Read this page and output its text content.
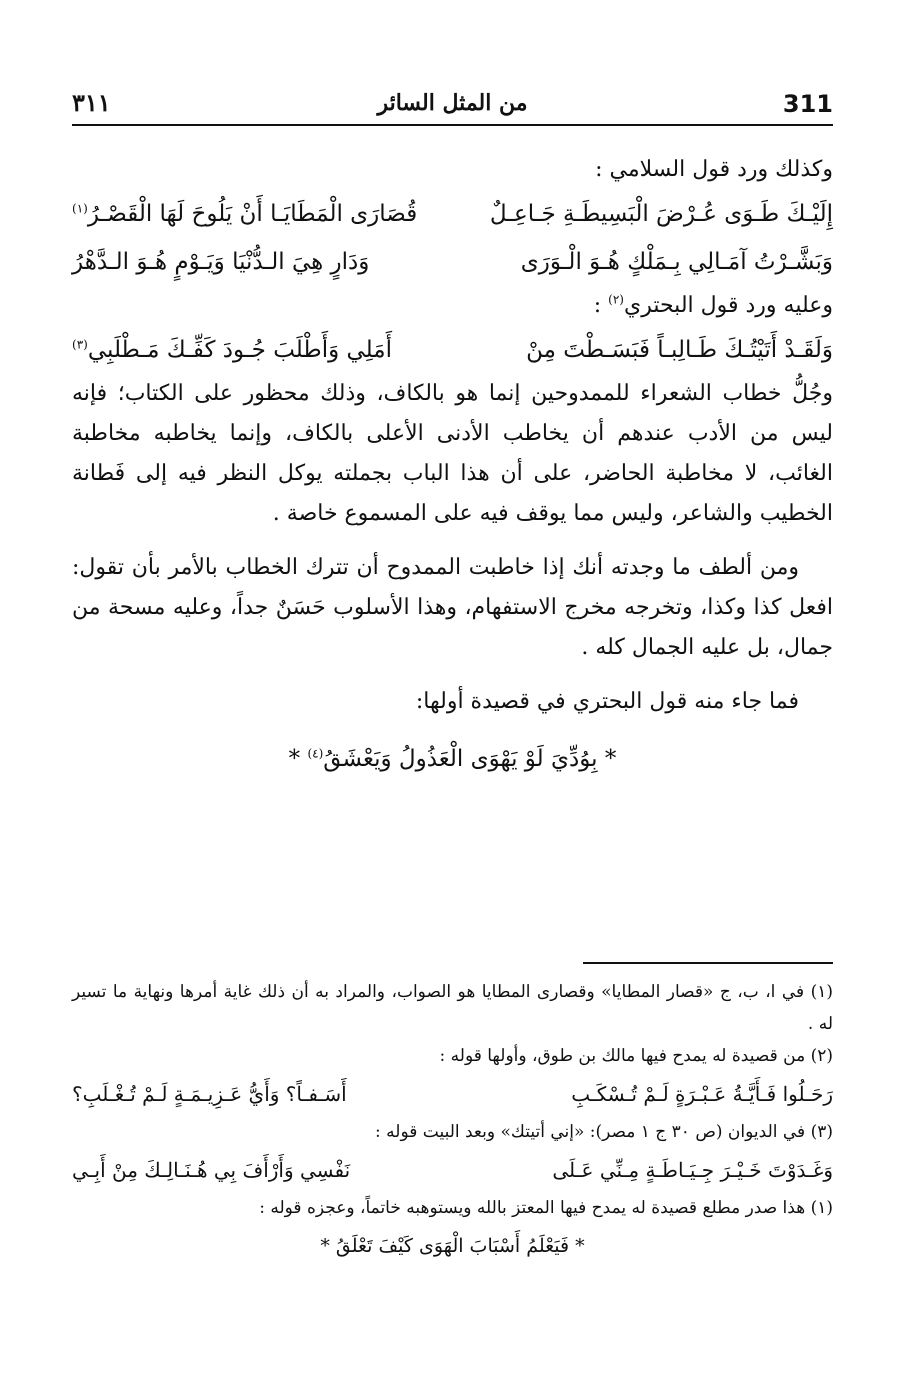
311
من المثل السائر
٣١١

وكذلك ورد قول السلامي :

إِلَيْـكَ طَـوَى عُـرْضَ الْبَسِيطَـةِ جَـاعِـلٌ
قُصَارَى الْمَطَايَـا أَنْ يَلُوحَ لَهَا الْقَصْـرُ$^{(١)}$
وَبَشَّـرْتُ آمَـالِي بِـمَلْكٍ هُـوَ الْـوَرَى
وَدَارٍ هِيَ الـدُّنْيَا وَيَـوْمٍ هُـوَ الـدَّهْرُ

وعليه ورد قول البحتري$^{(٢)}$ :

وَلَقَـدْ أَتَيْتُـكَ طَـالِبـاً فَبَسَـطْتَ مِنْ
أَمَلِي وَأَطْلَبَ جُـودَ كَفِّـكَ مَـطْلَبِي$^{(٣)}$

وجُلُّ خطاب الشعراء للممدوحين إنما هو بالكاف، وذلك محظور على الكتاب؛ فإنه ليس من الأدب عندهم أن يخاطب الأدنى الأعلى بالكاف، وإنما يخاطبه مخاطبة الغائب، لا مخاطبة الحاضر، على أن هذا الباب بجملته يوكل النظر فيه إلى فَطانة الخطيب والشاعر، وليس مما يوقف فيه على المسموع خاصة .

ومن ألطف ما وجدته أنك إذا خاطبت الممدوح أن تترك الخطاب بالأمر بأن تقول: افعل كذا وكذا، وتخرجه مخرج الاستفهام، وهذا الأسلوب حَسَنٌ جداً، وعليه مسحة من جمال، بل عليه الجمال كله .

فما جاء منه قول البحتري في قصيدة أولها:

* بِوُدِّيَ لَوْ يَهْوَى الْعَذُولُ وَيَعْشَقُ$^{(٤)}$ *

(١) في ا، ب، ج «قصار المطايا» وقصارى المطايا هو الصواب، والمراد به أن ذلك غاية أمرها ونهاية ما تسير له .

(٢) من قصيدة له يمدح فيها مالك بن طوق، وأولها قوله :

رَحَـلُوا فَـأَيَّـةُ عَـبْـرَةٍ لَـمْ تُـسْكَـبِ
أَسَـفـاً؟ وَأَيُّ عَـزِيـمَـةٍ لَـمْ تُـغْـلَبِ؟

(٣) في الديوان (ص ٣٠ ج ١ مصر): «إني أتيتك» وبعد البيت قوله :

وَغَـدَوْتَ خَـيْـرَ جِـيَـاطَـةٍ مِـنِّي عَـلَى
نَفْسِي وَأَرْأَفَ بِي هُـنَـالِـكَ مِنْ أَبِـي

(١) هذا صدر مطلع قصيدة له يمدح فيها المعتز بالله ويستوهبه خاتماً، وعجزه قوله :

* فَيَعْلَمُ أَسْبَابَ الْهَوَى كَيْفَ تَعْلَقُ *
